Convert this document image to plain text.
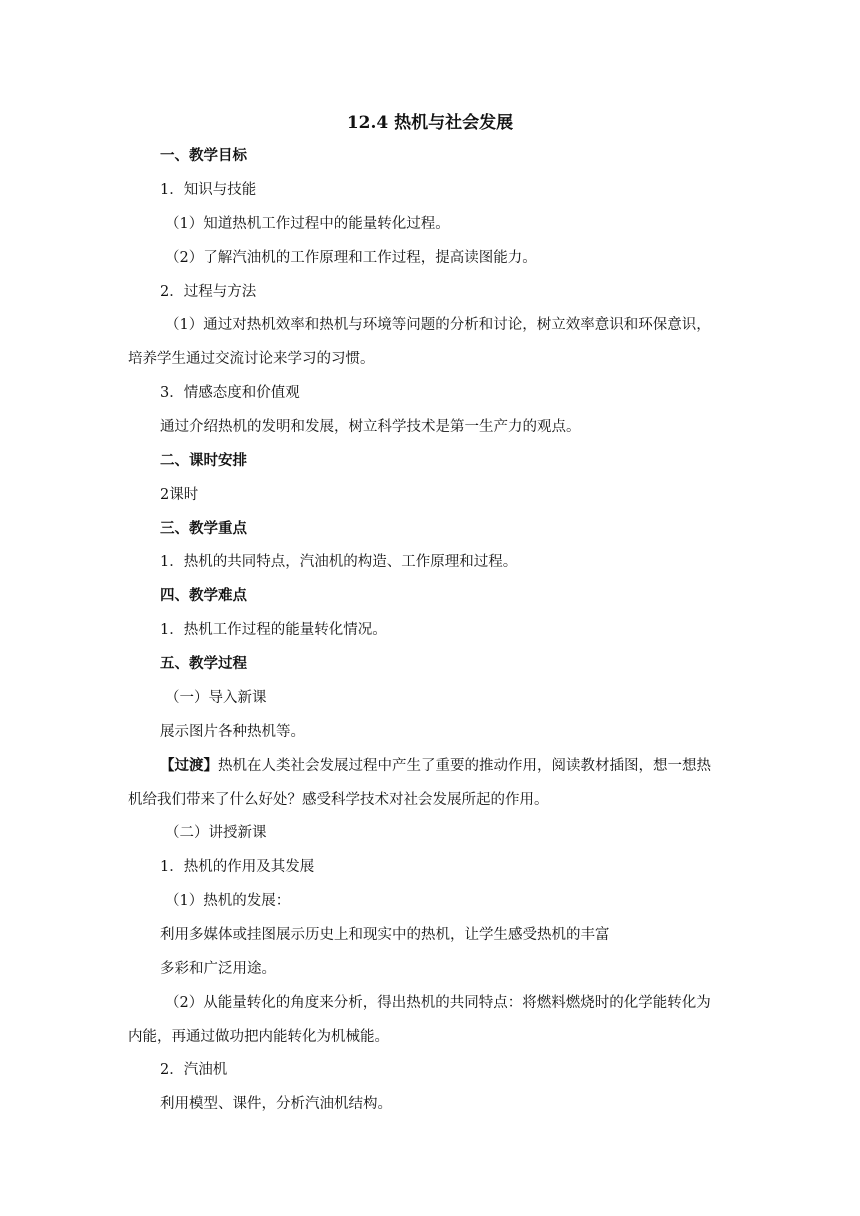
12.4 热机与社会发展
一、教学目标
1．知识与技能
（1）知道热机工作过程中的能量转化过程。
（2）了解汽油机的工作原理和工作过程，提高读图能力。
2．过程与方法
（1）通过对热机效率和热机与环境等问题的分析和讨论，树立效率意识和环保意识，
培养学生通过交流讨论来学习的习惯。
3．情感态度和价值观
通过介绍热机的发明和发展，树立科学技术是第一生产力的观点。
二、课时安排
2课时
三、教学重点
1．热机的共同特点，汽油机的构造、工作原理和过程。
四、教学难点
1．热机工作过程的能量转化情况。
五、教学过程
（一）导入新课
展示图片各种热机等。
【过渡】热机在人类社会发展过程中产生了重要的推动作用，阅读教材插图，想一想热
机给我们带来了什么好处？感受科学技术对社会发展所起的作用。
（二）讲授新课
1．热机的作用及其发展
（1）热机的发展：
利用多媒体或挂图展示历史上和现实中的热机，让学生感受热机的丰富
多彩和广泛用途。
（2）从能量转化的角度来分析，得出热机的共同特点：将燃料燃烧时的化学能转化为
内能，再通过做功把内能转化为机械能。
2．汽油机
利用模型、课件，分析汽油机结构。
